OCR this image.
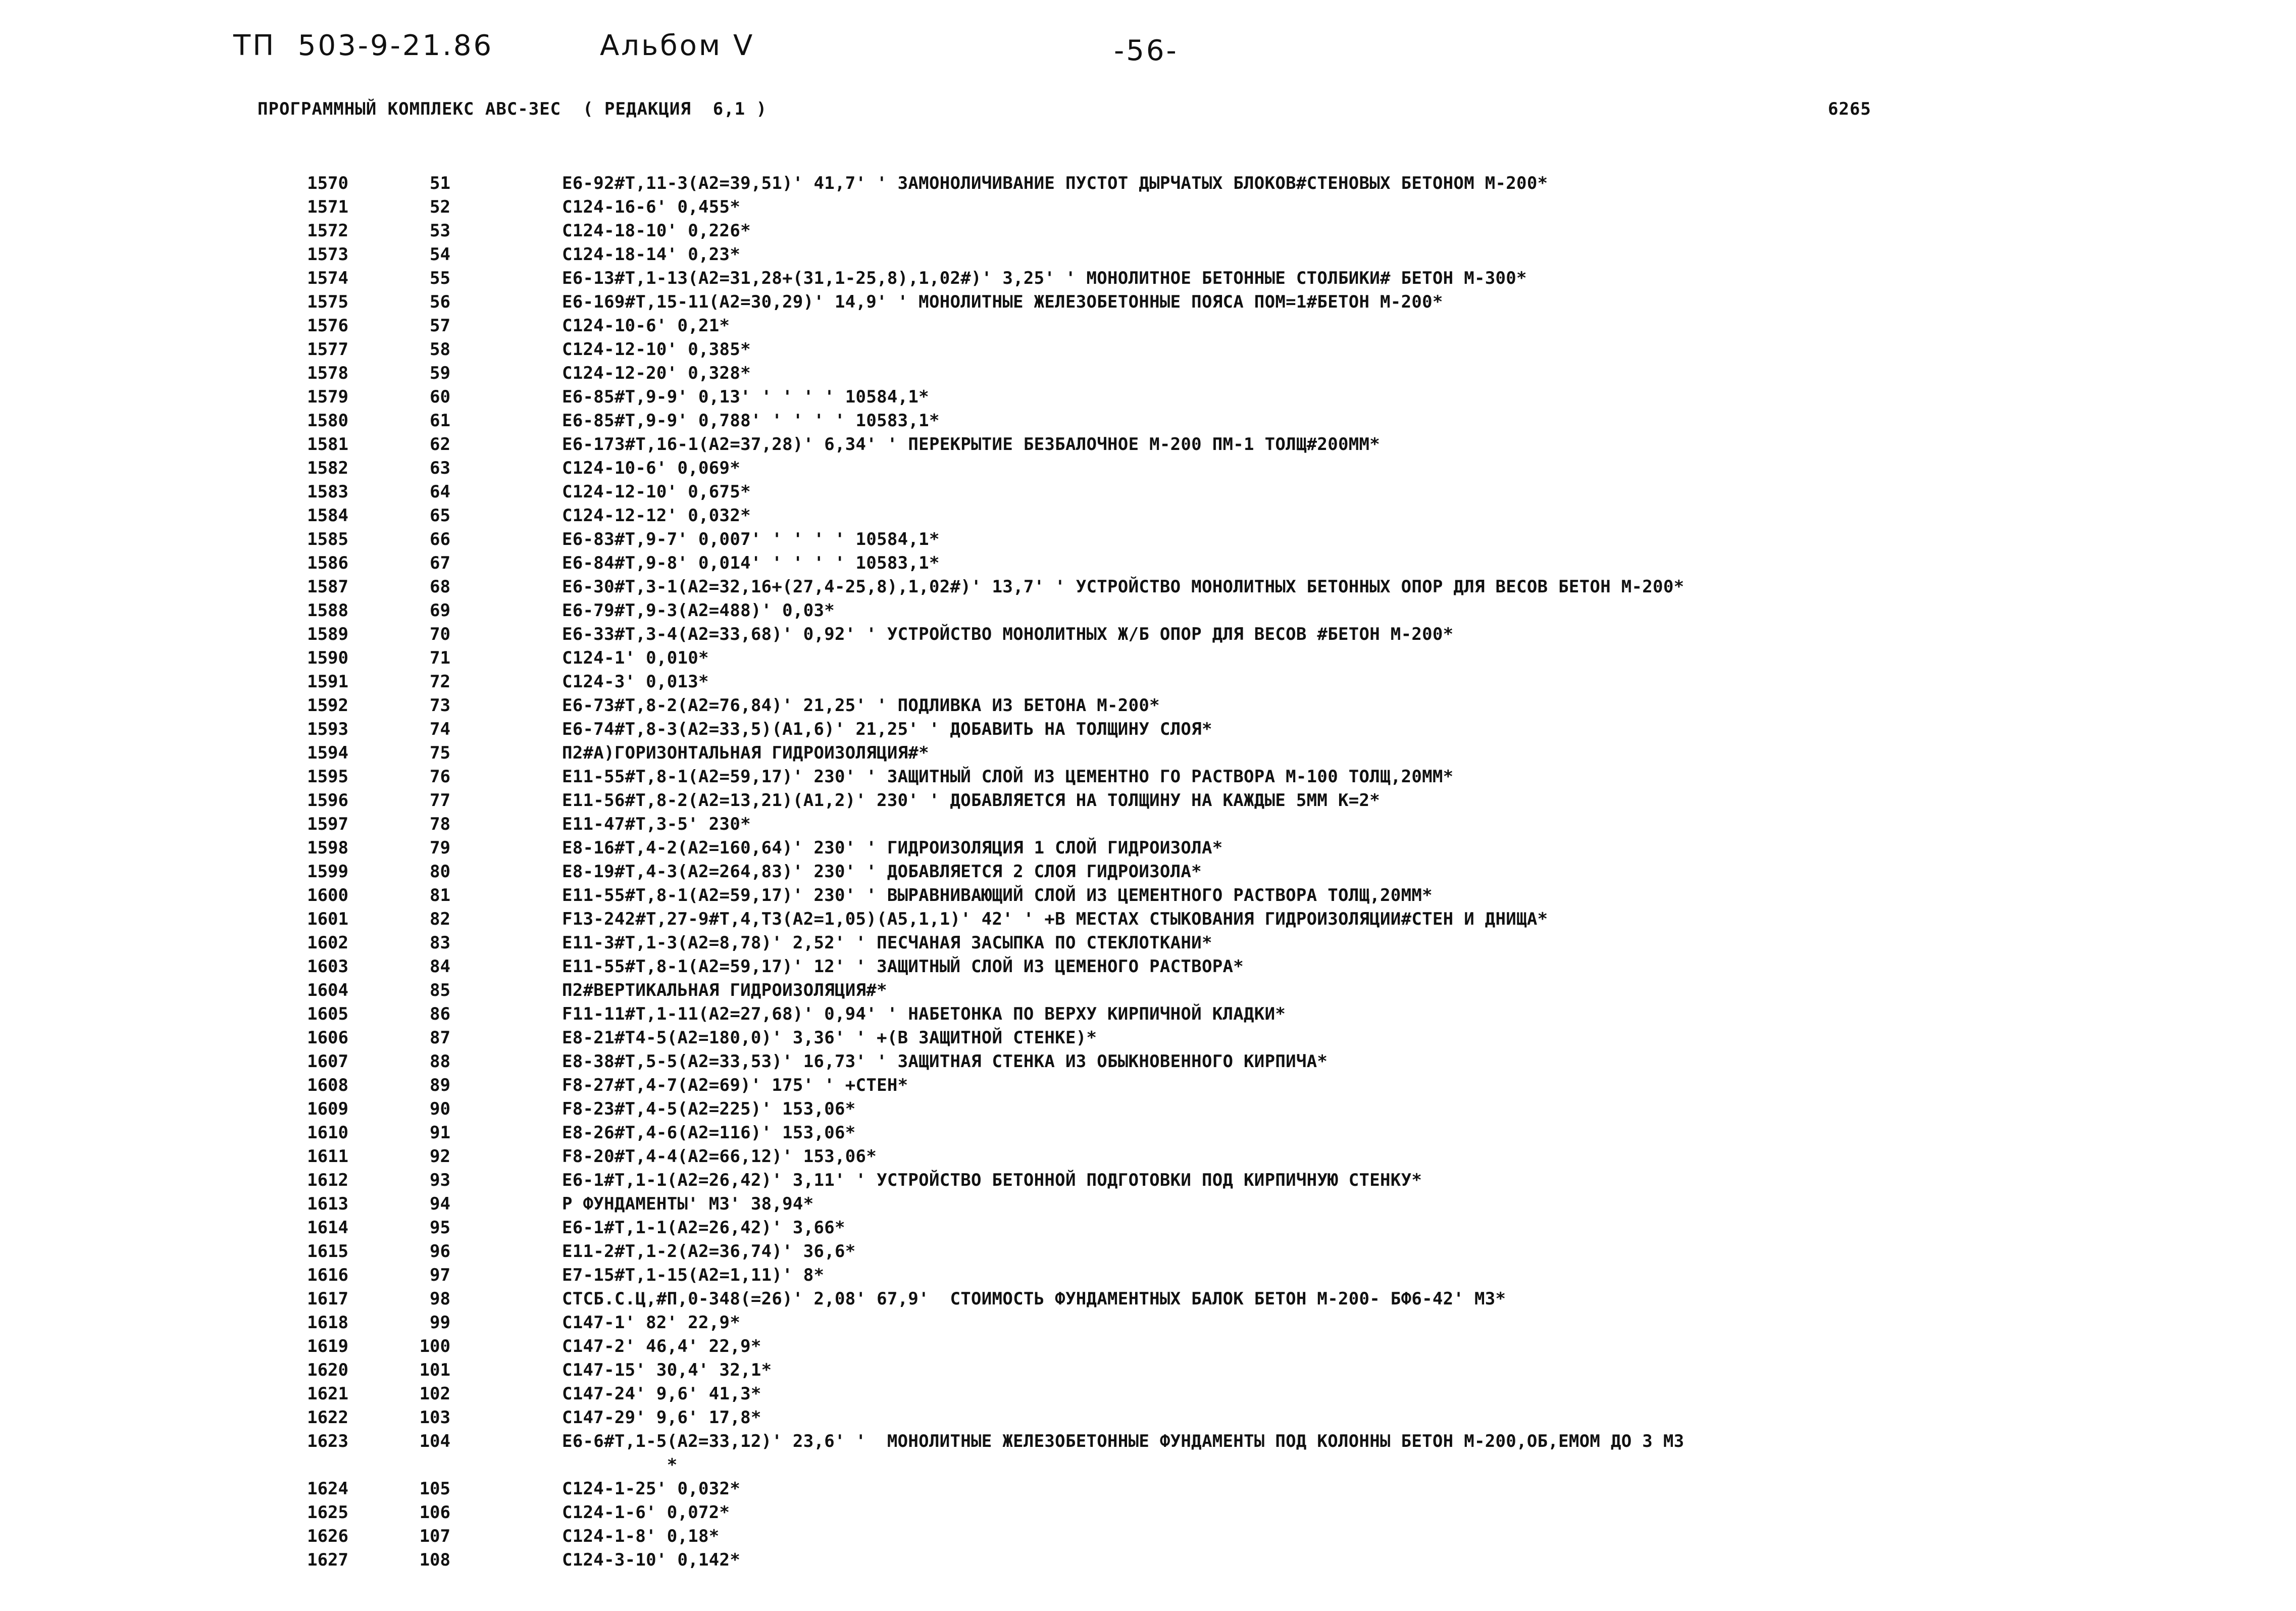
ТП  503-9-21.86	Альбом V	-56-
ПРОГРАММНЫЙ КОМПЛЕКС АВС-3ЕС  ( РЕДАКЦИЯ  6,1 )	6265
1570	51	E6-92#T,11-3(A2=39,51)' 41,7' ' ЗАМОНОЛИЧИВАНИЕ ПУСТОТ ДЫРЧАТЫХ БЛОКОВ#СТЕНОВЫХ БЕТОНОМ М-200*
1571	52	C124-16-6' 0,455*
1572	53	C124-18-10' 0,226*
1573	54	C124-18-14' 0,23*
1574	55	E6-13#T,1-13(A2=31,28+(31,1-25,8),1,02#)' 3,25' ' МОНОЛИТНОЕ БЕТОННЫЕ СТОЛБИКИ# БЕТОН М-300*
1575	56	E6-169#T,15-11(A2=30,29)' 14,9' ' МОНОЛИТНЫЕ ЖЕЛЕЗОБЕТОННЫЕ ПОЯСА ПОМ=1#БЕТОН М-200*
1576	57	C124-10-6' 0,21*
1577	58	C124-12-10' 0,385*
1578	59	C124-12-20' 0,328*
1579	60	E6-85#T,9-9' 0,13' ' ' ' ' 10584,1*
1580	61	E6-85#T,9-9' 0,788' ' ' ' ' 10583,1*
1581	62	E6-173#T,16-1(A2=37,28)' 6,34' ' ПЕРЕКРЫТИЕ БЕЗБАЛОЧНОЕ М-200 ПМ-1 ТОЛЩ#200ММ*
1582	63	C124-10-6' 0,069*
1583	64	C124-12-10' 0,675*
1584	65	C124-12-12' 0,032*
1585	66	E6-83#T,9-7' 0,007' ' ' ' ' 10584,1*
1586	67	E6-84#T,9-8' 0,014' ' ' ' ' 10583,1*
1587	68	E6-30#T,3-1(A2=32,16+(27,4-25,8),1,02#)' 13,7' ' УСТРОЙСТВО МОНОЛИТНЫХ БЕТОННЫХ ОПОР ДЛЯ ВЕСОВ БЕТОН М-200*
1588	69	E6-79#T,9-3(A2=488)' 0,03*
1589	70	E6-33#T,3-4(A2=33,68)' 0,92' ' УСТРОЙСТВО МОНОЛИТНЫХ Ж/Б ОПОР ДЛЯ ВЕСОВ #БЕТОН М-200*
1590	71	C124-1' 0,010*
1591	72	C124-3' 0,013*
1592	73	E6-73#T,8-2(A2=76,84)' 21,25' ' ПОДЛИВКА ИЗ БЕТОНА М-200*
1593	74	E6-74#T,8-3(A2=33,5)(A1,6)' 21,25' ' ДОБАВИТЬ НА ТОЛЩИНУ СЛОЯ*
1594	75	П2#А)ГОРИЗОНТАЛЬНАЯ ГИДРОИЗОЛЯЦИЯ#*
1595	76	E11-55#T,8-1(A2=59,17)' 230' ' ЗАЩИТНЫЙ СЛОЙ ИЗ ЦЕМЕНТНО ГО РАСТВОРА М-100 ТОЛЩ,20ММ*
1596	77	E11-56#T,8-2(A2=13,21)(A1,2)' 230' ' ДОБАВЛЯЕТСЯ НА ТОЛЩИНУ НА КАЖДЫЕ 5ММ К=2*
1597	78	E11-47#T,3-5' 230*
1598	79	E8-16#T,4-2(A2=160,64)' 230' ' ГИДРОИЗОЛЯЦИЯ 1 СЛОЙ ГИДРОИЗОЛА*
1599	80	E8-19#T,4-3(A2=264,83)' 230' ' ДОБАВЛЯЕТСЯ 2 СЛОЯ ГИДРОИЗОЛА*
1600	81	E11-55#T,8-1(A2=59,17)' 230' ' ВЫРАВНИВАЮЩИЙ СЛОЙ ИЗ ЦЕМЕНТНОГО РАСТВОРА ТОЛЩ,20ММ*
1601	82	F13-242#T,27-9#T,4,T3(A2=1,05)(A5,1,1)' 42' ' +В МЕСТАХ СТЫКОВАНИЯ ГИДРОИЗОЛЯЦИИ#СТЕН И ДНИЩА*
1602	83	E11-3#T,1-3(A2=8,78)' 2,52' ' ПЕСЧАНАЯ ЗАСЫПКА ПО СТЕКЛОТКАНИ*
1603	84	E11-55#T,8-1(A2=59,17)' 12' ' ЗАЩИТНЫЙ СЛОЙ ИЗ ЦЕМЕНОГО РАСТВОРА*
1604	85	П2#ВЕРТИКАЛЬНАЯ ГИДРОИЗОЛЯЦИЯ#*
1605	86	F11-11#T,1-11(A2=27,68)' 0,94' ' НАБЕТОНКА ПО ВЕРХУ КИРПИЧНОЙ КЛАДКИ*
1606	87	E8-21#T4-5(A2=180,0)' 3,36' ' +(В ЗАЩИТНОЙ СТЕНКЕ)*
1607	88	E8-38#T,5-5(A2=33,53)' 16,73' ' ЗАЩИТНАЯ СТЕНКА ИЗ ОБЫКНОВЕННОГО КИРПИЧА*
1608	89	F8-27#T,4-7(A2=69)' 175' ' +СТЕН*
1609	90	F8-23#T,4-5(A2=225)' 153,06*
1610	91	E8-26#T,4-6(A2=116)' 153,06*
1611	92	F8-20#T,4-4(A2=66,12)' 153,06*
1612	93	E6-1#T,1-1(A2=26,42)' 3,11' ' УСТРОЙСТВО БЕТОННОЙ ПОДГОТОВКИ ПОД КИРПИЧНУЮ СТЕНКУ*
1613	94	Р ФУНДАМЕНТЫ' М3' 38,94*
1614	95	E6-1#T,1-1(A2=26,42)' 3,66*
1615	96	E11-2#T,1-2(A2=36,74)' 36,6*
1616	97	E7-15#T,1-15(A2=1,11)' 8*
1617	98	СТСБ.С.Ц,#П,0-348(=26)' 2,08' 67,9'  СТОИМОСТЬ ФУНДАМЕНТНЫХ БАЛОК БЕТОН М-200- БФ6-42' М3*
1618	99	C147-1' 82' 22,9*
1619	100	C147-2' 46,4' 22,9*
1620	101	C147-15' 30,4' 32,1*
1621	102	C147-24' 9,6' 41,3*
1622	103	C147-29' 9,6' 17,8*
1623	104	E6-6#T,1-5(A2=33,12)' 23,6' '  МОНОЛИТНЫЕ ЖЕЛЕЗОБЕТОННЫЕ ФУНДАМЕНТЫ ПОД КОЛОННЫ БЕТОН М-200,ОБ,ЕМОМ ДО 3 М3
*
1624	105	C124-1-25' 0,032*
1625	106	C124-1-6' 0,072*
1626	107	C124-1-8' 0,18*
1627	108	C124-3-10' 0,142*
